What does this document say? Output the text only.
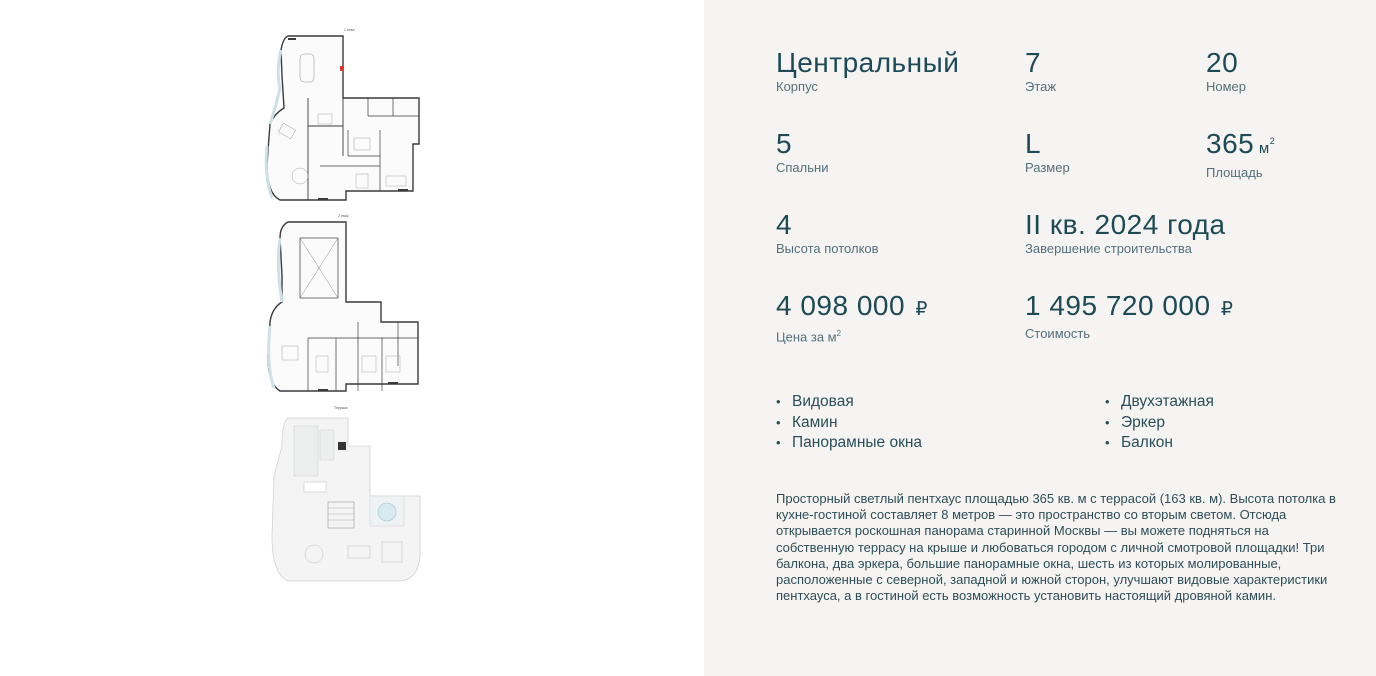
1 этаж
2 этаж
Терраса
Центральный
Корпус
7
Этаж
20
Номер
5
Спальни
L
Размер
365 $м^2$
Площадь
4
Высота потолков
II кв. 2024 года
Завершение строительства
4 098 000 ₽
Цена за $м^2$
1 495 720 000 ₽
Стоимость
• Видовая
• Камин
• Панорамные окна
• Двухэтажная
• Эркер
• Балкон

Просторный светлый пентхаус площадью 365 кв. м с террасой (163 кв. м). Высота потолка в кухне-гостиной составляет 8 метров — это пространство со вторым светом. Отсюда открывается роскошная панорама старинной Москвы — вы можете подняться на собственную террасу на крыше и любоваться городом с личной смотровой площадки! Три балкона, два эркера, большие панорамные окна, шесть из которых молированные, расположенные с северной, западной и южной сторон, улучшают видовые характеристики пентхауса, а в гостиной есть возможность установить настоящий дровяной камин.
